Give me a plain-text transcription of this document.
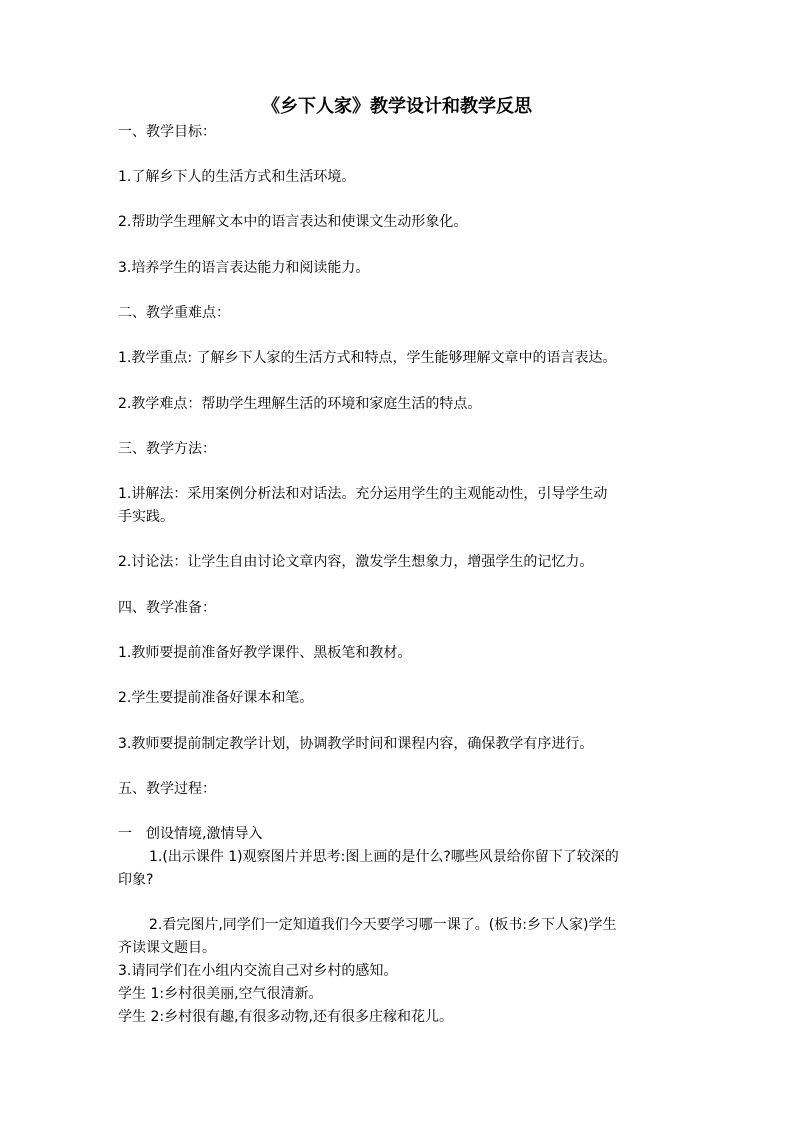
《乡下人家》教学设计和教学反思
一、教学目标：
1.了解乡下人的生活方式和生活环境。
2.帮助学生理解文本中的语言表达和使课文生动形象化。
3.培养学生的语言表达能力和阅读能力。
二、教学重难点：
1.教学重点: 了解乡下人家的生活方式和特点，学生能够理解文章中的语言表达。
2.教学难点：帮助学生理解生活的环境和家庭生活的特点。
三、教学方法：
1.讲解法：采用案例分析法和对话法。充分运用学生的主观能动性，引导学生动
手实践。
2.讨论法：让学生自由讨论文章内容，激发学生想象力，增强学生的记忆力。
四、教学准备：
1.教师要提前准备好教学课件、黑板笔和教材。
2.学生要提前准备好课本和笔。
3.教师要提前制定教学计划，协调教学时间和课程内容，确保教学有序进行。
五、教学过程：
一　创设情境,激情导入
1.(出示课件 1)观察图片并思考:图上画的是什么?哪些风景给你留下了较深的
印象?
2.看完图片,同学们一定知道我们今天要学习哪一课了。(板书:乡下人家)学生
齐读课文题目。
3.请同学们在小组内交流自己对乡村的感知。
学生 1:乡村很美丽,空气很清新。
学生 2:乡村很有趣,有很多动物,还有很多庄稼和花儿。
